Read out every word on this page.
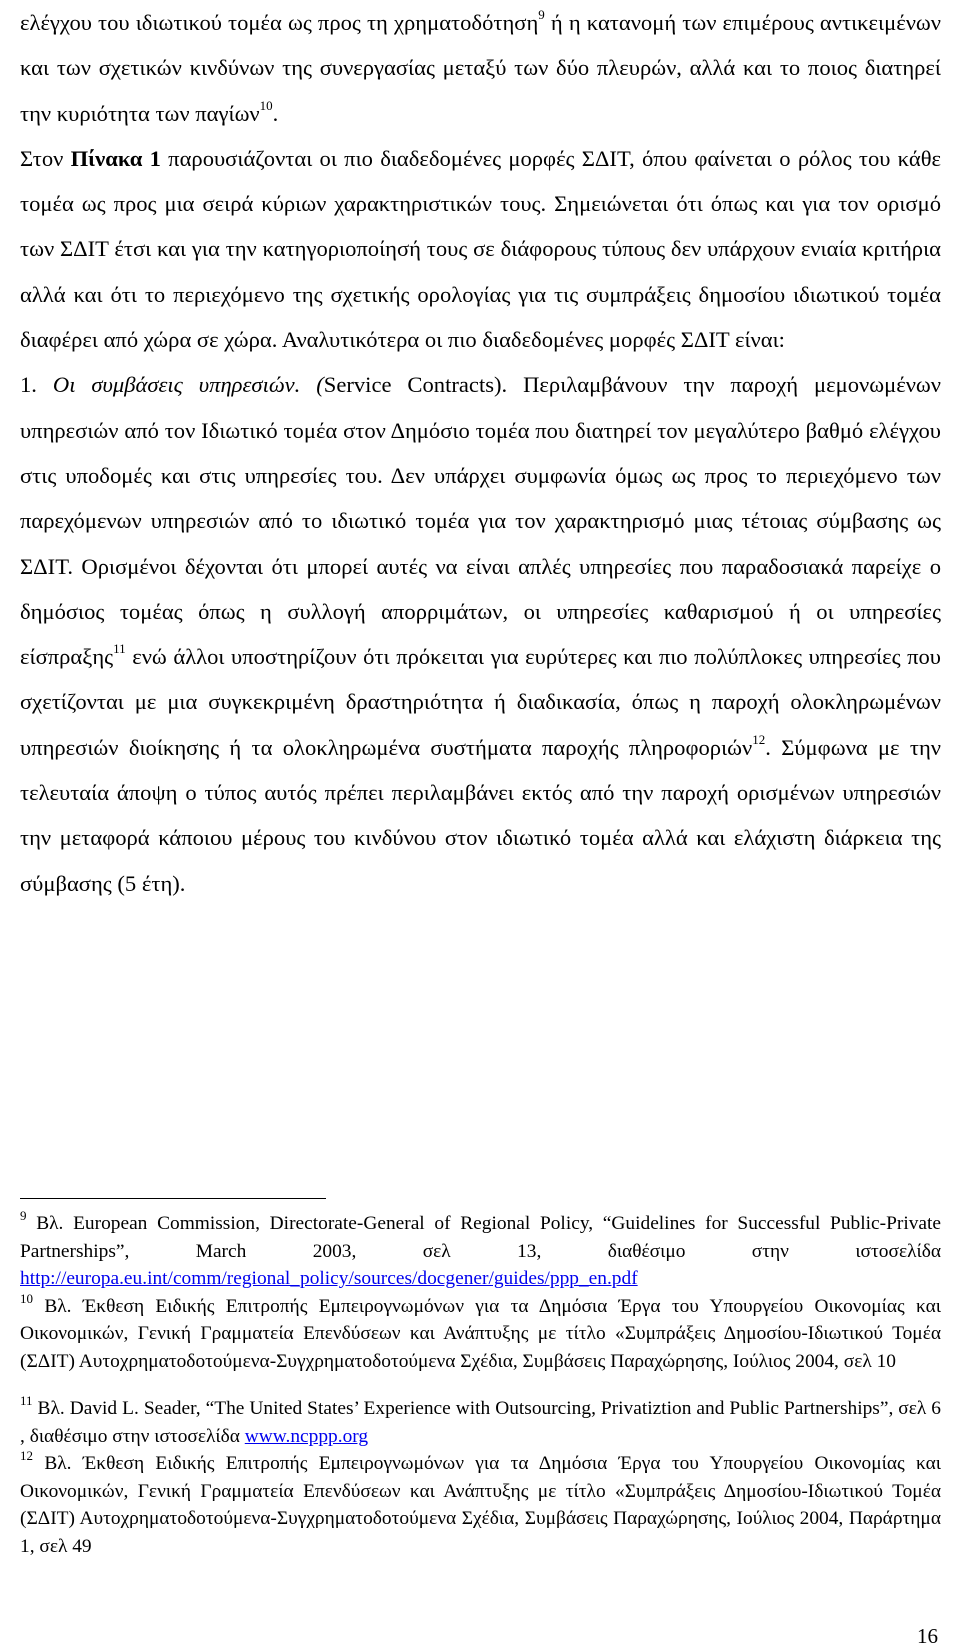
ελέγχου του ιδιωτικού τομέα ως προς τη χρηματοδότηση$^9$ ή η κατανομή των επιμέρους αντικειμένων και των σχετικών κινδύνων της συνεργασίας μεταξύ των δύο πλευρών, αλλά και το ποιος διατηρεί την κυριότητα των παγίων$^{10}$.
Στον Πίνακα 1 παρουσιάζονται οι πιο διαδεδομένες μορφές ΣΔΙΤ, όπου φαίνεται ο ρόλος του κάθε τομέα ως προς μια σειρά κύριων χαρακτηριστικών τους. Σημειώνεται ότι όπως και για τον ορισμό των ΣΔΙΤ έτσι και για την κατηγοριοποίησή τους σε διάφορους τύπους δεν υπάρχουν ενιαία κριτήρια αλλά και ότι το περιεχόμενο της σχετικής ορολογίας για τις συμπράξεις δημοσίου ιδιωτικού τομέα διαφέρει από χώρα σε χώρα. Αναλυτικότερα οι πιο διαδεδομένες μορφές ΣΔΙΤ είναι:

1. Οι συμβάσεις υπηρεσιών. (Service Contracts). Περιλαμβάνουν την παροχή μεμονωμένων υπηρεσιών από τον Ιδιωτικό τομέα στον Δημόσιο τομέα που διατηρεί τον μεγαλύτερο βαθμό ελέγχου στις υποδομές και στις υπηρεσίες του. Δεν υπάρχει συμφωνία όμως ως προς το περιεχόμενο των παρεχόμενων υπηρεσιών από το ιδιωτικό τομέα για τον χαρακτηρισμό μιας τέτοιας σύμβασης ως ΣΔΙΤ. Ορισμένοι δέχονται ότι μπορεί αυτές να είναι απλές υπηρεσίες που παραδοσιακά παρείχε ο δημόσιος τομέας όπως η συλλογή απορριμάτων, οι υπηρεσίες καθαρισμού ή οι υπηρεσίες είσπραξης$^{11}$ ενώ άλλοι υποστηρίζουν ότι πρόκειται για ευρύτερες και πιο πολύπλοκες υπηρεσίες που σχετίζονται με μια συγκεκριμένη δραστηριότητα ή διαδικασία, όπως η παροχή ολοκληρωμένων υπηρεσιών διοίκησης ή τα ολοκληρωμένα συστήματα παροχής πληροφοριών$^{12}$. Σύμφωνα με την τελευταία άποψη ο τύπος αυτός πρέπει περιλαμβάνει εκτός από την παροχή ορισμένων υπηρεσιών την μεταφορά κάποιου μέρους του κινδύνου στον ιδιωτικό τομέα αλλά και ελάχιστη διάρκεια της σύμβασης (5 έτη).

$^9$ Βλ. European Commission, Directorate-General of Regional Policy, “Guidelines for Successful Public-Private Partnerships”, March 2003, σελ 13, διαθέσιμο στην ιστοσελίδα http://europa.eu.int/comm/regional_policy/sources/docgener/guides/ppp_en.pdf

$^{10}$ Βλ. Έκθεση Ειδικής Επιτροπής Εμπειρογνωμόνων για τα Δημόσια Έργα του Υπουργείου Οικονομίας και Οικονομικών, Γενική Γραμματεία Επενδύσεων και Ανάπτυξης με τίτλο «Συμπράξεις Δημοσίου-Ιδιωτικού Τομέα (ΣΔΙΤ) Αυτοχρηματοδοτούμενα-Συγχρηματοδοτούμενα Σχέδια, Συμβάσεις Παραχώρησης, Ιούλιος 2004, σελ 10

$^{11}$ Βλ. David L. Seader, “The United States’ Experience with Outsourcing, Privatiztion and Public Partnerships”, σελ 6 , διαθέσιμο στην ιστοσελίδα www.ncppp.org

$^{12}$ Βλ. Έκθεση Ειδικής Επιτροπής Εμπειρογνωμόνων για τα Δημόσια Έργα του Υπουργείου Οικονομίας και Οικονομικών, Γενική Γραμματεία Επενδύσεων και Ανάπτυξης με τίτλο «Συμπράξεις Δημοσίου-Ιδιωτικού Τομέα (ΣΔΙΤ) Αυτοχρηματοδοτούμενα-Συγχρηματοδοτούμενα Σχέδια, Συμβάσεις Παραχώρησης, Ιούλιος 2004, Παράρτημα 1, σελ 49

16
